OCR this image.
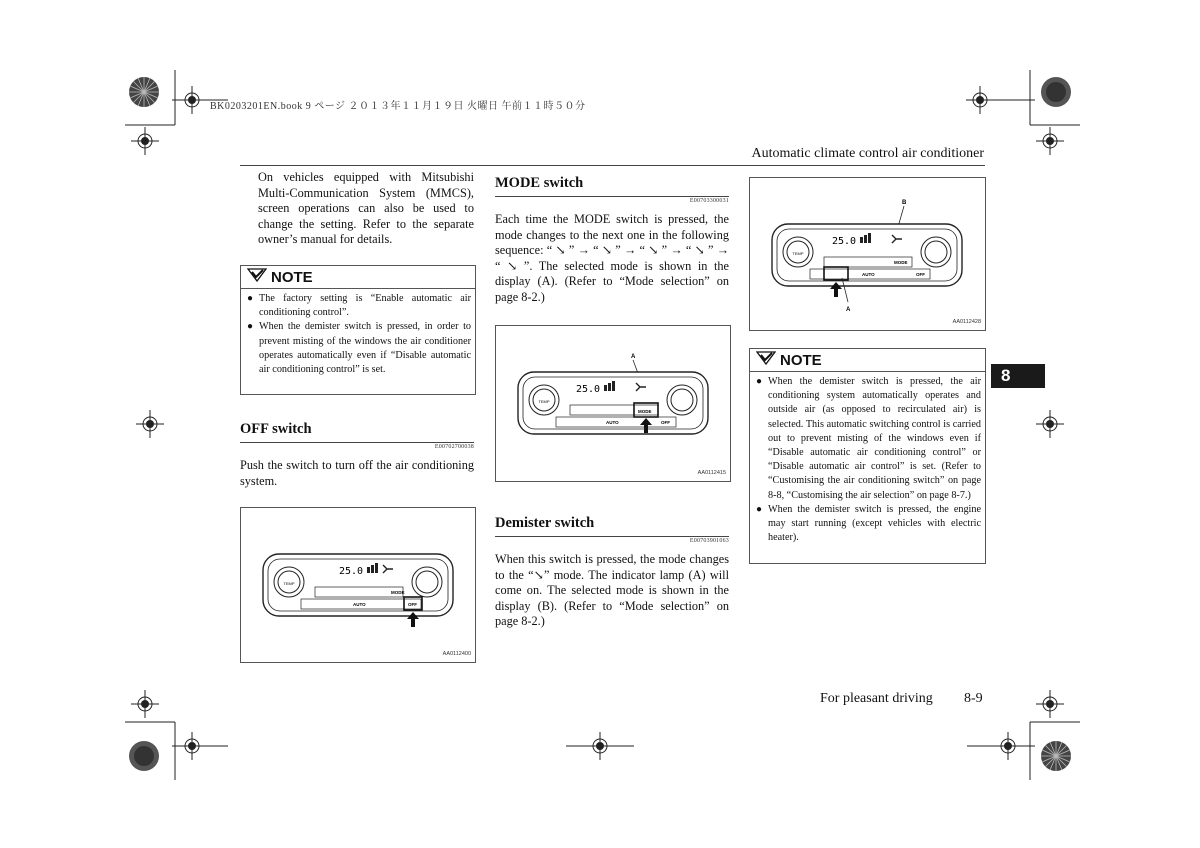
BK0203201EN.book 9 ページ ２０１３年１１月１９日 火曜日 午前１１時５０分
Automatic climate control air conditioner
8
On vehicles equipped with Mitsubishi Multi-Communication System (MMCS), screen operations can also be used to change the setting. Refer to the separate owner’s manual for details.
NOTE
● The factory setting is “Enable automatic air conditioning control”.
● When the demister switch is pressed, in order to prevent misting of the windows the air conditioner operates automatically even if “Disable automatic air conditioning control” is set.
OFF switch
E00702700038
Push the switch to turn off the air conditioning system.
TEMP
25.0
MODE
AUTO	OFF
AA0112400
MODE switch
E00703300031
Each time the MODE switch is pressed, the mode changes to the next one in the following sequence: “ ↘ ” → “ ↘ ” → “ ↘ ” → “ ↘ ” → “ ↘ ”. The selected mode is shown in the display (A). (Refer to “Mode selection” on page 8-2.)
A
TEMP
25.0
MODE
AUTO	OFF
AA0112415
Demister switch
E00703901063
When this switch is pressed, the mode changes to the “↘” mode. The indicator lamp (A) will come on. The selected mode is shown in the display (B). (Refer to “Mode selection” on page 8-2.)
B
TEMP
25.0
MODE
AUTO	OFF
A
AA0112428
NOTE
● When the demister switch is pressed, the air conditioning system automatically operates and outside air (as opposed to recirculated air) is selected. This automatic switching control is carried out to prevent misting of the windows even if “Disable automatic air conditioning control” or “Disable automatic air control” is set. (Refer to “Customising the air conditioning switch” on page 8-8, “Customising the air selection” on page 8-7.)
● When the demister switch is pressed, the engine may start running (except vehicles with electric heater).
For pleasant driving 8-9
